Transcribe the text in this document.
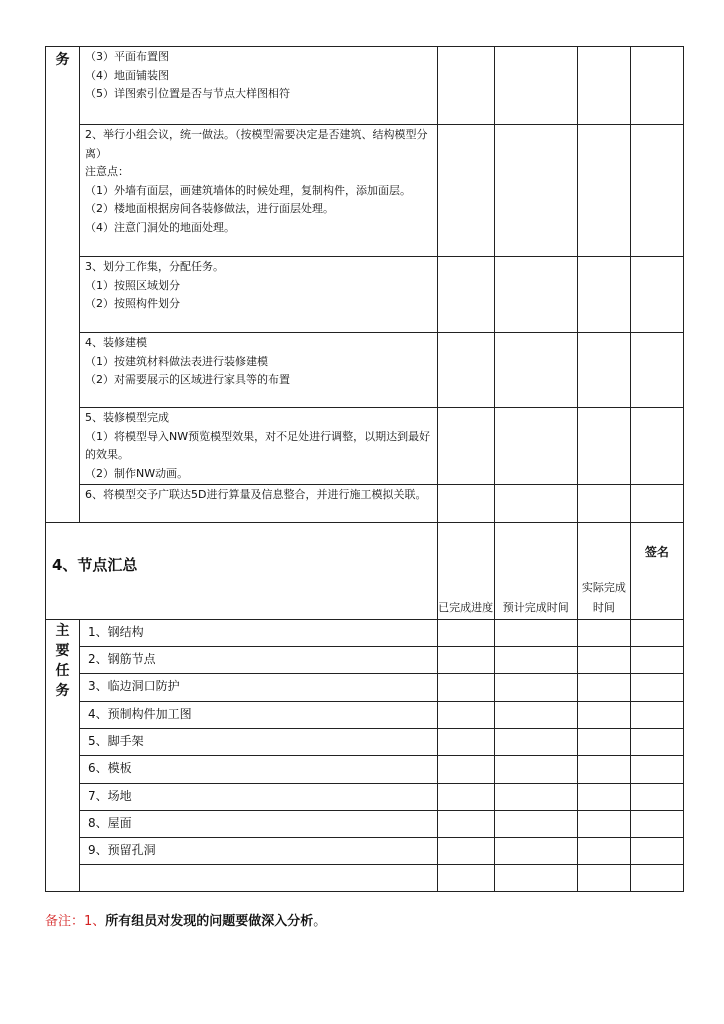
务	（3）平面布置图

（4）地面铺装图

（5）详图索引位置是否与节点大样图相符				

	2、举行小组会议，统一做法。（按模型需要决定是否建筑、结构模型分离）

注意点：

（1）外墙有面层，画建筑墙体的时候处理，复制构件，添加面层。

（2）楼地面根据房间各装修做法，进行面层处理。

（4）注意门洞处的地面处理。				

	3、划分工作集，分配任务。

（1）按照区域划分

（2）按照构件划分				

	4、装修建模

（1）按建筑材料做法表进行装修建模

（2）对需要展示的区域进行家具等的布置				

	5、装修模型完成

（1）将模型导入NW预览模型效果，对不足处进行调整，以期达到最好的效果。

（2）制作NW动画。				

	6、将模型交予广联达5D进行算量及信息整合，并进行施工模拟关联。				

4、节点汇总		已完成进度	预计完成时间	实际完成时间	签名

主
要
任
务	1、钢结构				
	2、钢筋节点				
	3、临边洞口防护				
	4、预制构件加工图				
	5、脚手架				
	6、模板				
	7、场地				
	8、屋面				
	9、预留孔洞				

备注：1、所有组员对发现的问题要做深入分析。
